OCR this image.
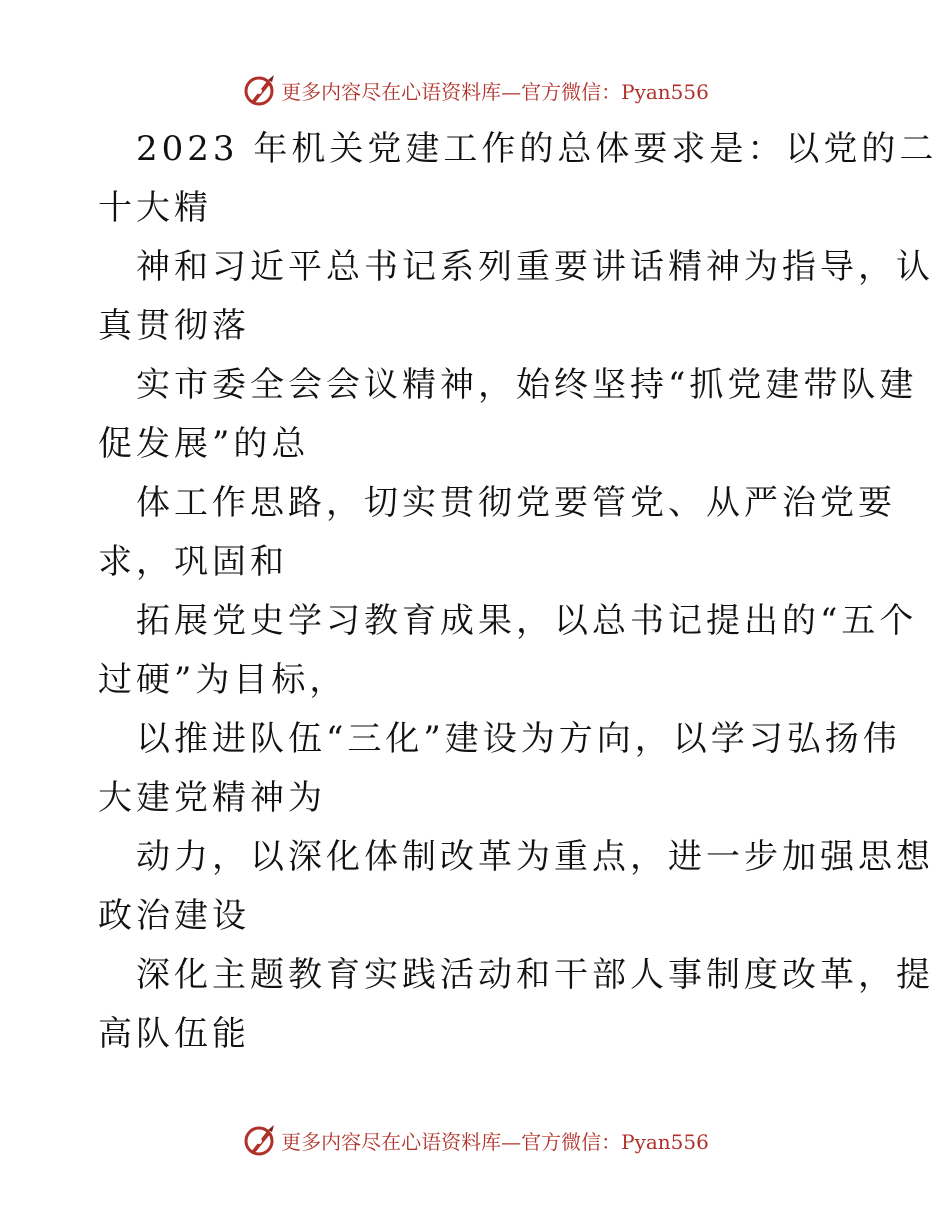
更多内容尽在心语资料库—官方微信：Pyan556
2023 年机关党建工作的总体要求是：以党的二
十大精
神和习近平总书记系列重要讲话精神为指导，认
真贯彻落
实市委全会会议精神，始终坚持“抓党建带队建
促发展”的总
体工作思路，切实贯彻党要管党、从严治党要
求，巩固和
拓展党史学习教育成果，以总书记提出的“五个
过硬”为目标，
以推进队伍“三化”建设为方向，以学习弘扬伟
大建党精神为
动力，以深化体制改革为重点，进一步加强思想
政治建设
深化主题教育实践活动和干部人事制度改革，提
高队伍能
更多内容尽在心语资料库—官方微信：Pyan556
